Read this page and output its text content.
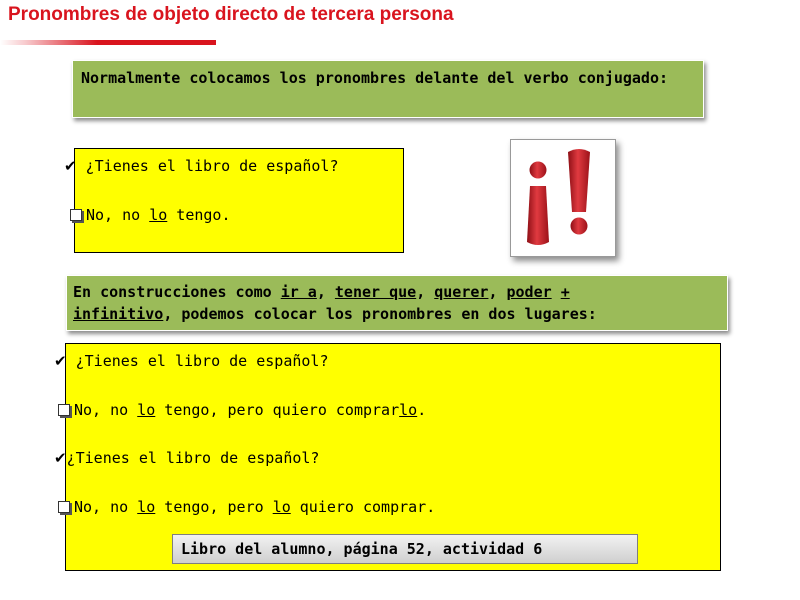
Pronombres de objeto directo de tercera persona
Normalmente colocamos los pronombres delante del verbo conjugado:
✔ ¿Tienes el libro de español?
No, no lo tengo.
En construcciones como ir a, tener que, querer, poder +
infinitivo, podemos colocar los pronombres en dos lugares:
✔ ¿Tienes el libro de español?
No, no lo tengo, pero quiero comprarlo.
✔¿Tienes el libro de español?
No, no lo tengo, pero lo quiero comprar.
Libro del alumno, página 52, actividad 6
